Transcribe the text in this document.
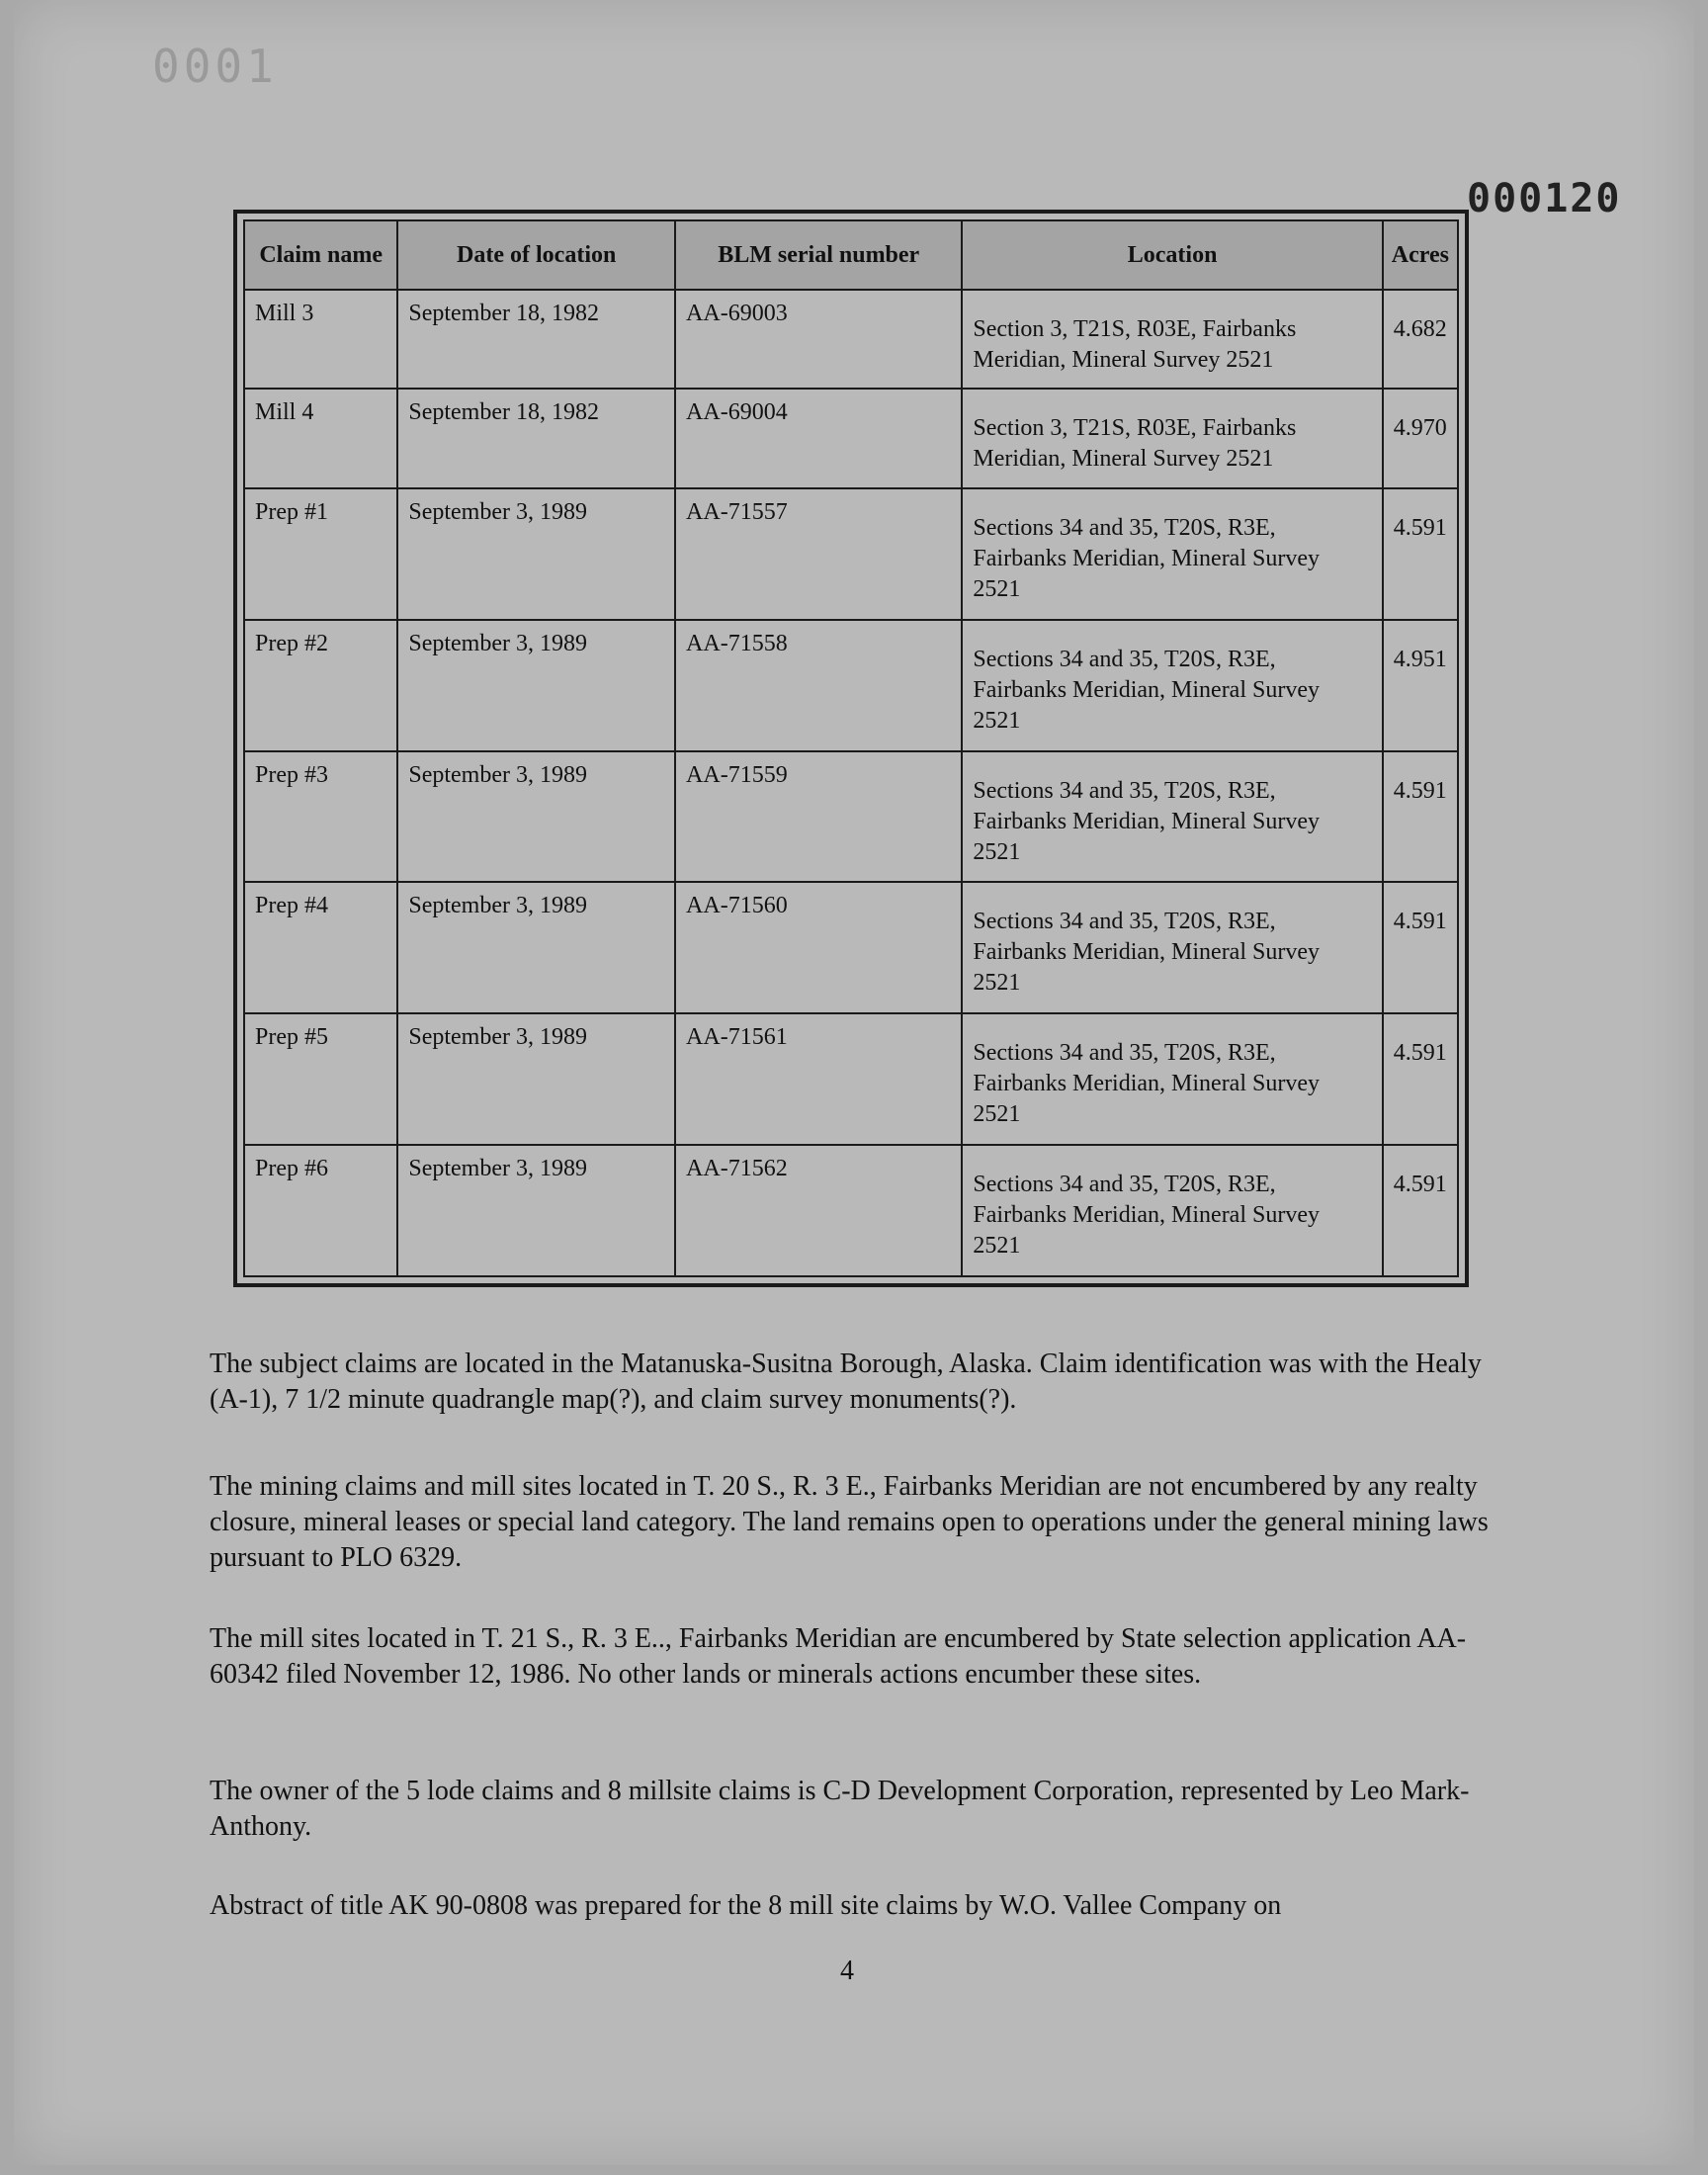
0001
000120
Claim name	Date of location	BLM serial number	Location	Acres
Mill 3	September 18, 1982	AA-69003	Section 3, T21S, R03E, Fairbanks Meridian, Mineral Survey 2521	4.682
Mill 4	September 18, 1982	AA-69004	Section 3, T21S, R03E, Fairbanks Meridian, Mineral Survey 2521	4.970
Prep #1	September 3, 1989	AA-71557	Sections 34 and 35, T20S, R3E, Fairbanks Meridian, Mineral Survey 2521	4.591
Prep #2	September 3, 1989	AA-71558	Sections 34 and 35, T20S, R3E, Fairbanks Meridian, Mineral Survey 2521	4.951
Prep #3	September 3, 1989	AA-71559	Sections 34 and 35, T20S, R3E, Fairbanks Meridian, Mineral Survey 2521	4.591
Prep #4	September 3, 1989	AA-71560	Sections 34 and 35, T20S, R3E, Fairbanks Meridian, Mineral Survey 2521	4.591
Prep #5	September 3, 1989	AA-71561	Sections 34 and 35, T20S, R3E, Fairbanks Meridian, Mineral Survey 2521	4.591
Prep #6	September 3, 1989	AA-71562	Sections 34 and 35, T20S, R3E, Fairbanks Meridian, Mineral Survey 2521	4.591

The subject claims are located in the Matanuska-Susitna Borough, Alaska. Claim identification was with the Healy (A-1), 7 1/2 minute quadrangle map(?), and claim survey monuments(?).

The mining claims and mill sites located in T. 20 S., R. 3 E., Fairbanks Meridian are not encumbered by any realty closure, mineral leases or special land category. The land remains open to operations under the general mining laws pursuant to PLO 6329.

The mill sites located in T. 21 S., R. 3 E.., Fairbanks Meridian are encumbered by State selection application AA-60342 filed November 12, 1986. No other lands or minerals actions encumber these sites.

The owner of the 5 lode claims and 8 millsite claims is C-D Development Corporation, represented by Leo Mark-Anthony.

Abstract of title AK 90-0808 was prepared for the 8 mill site claims by W.O. Vallee Company on

4
